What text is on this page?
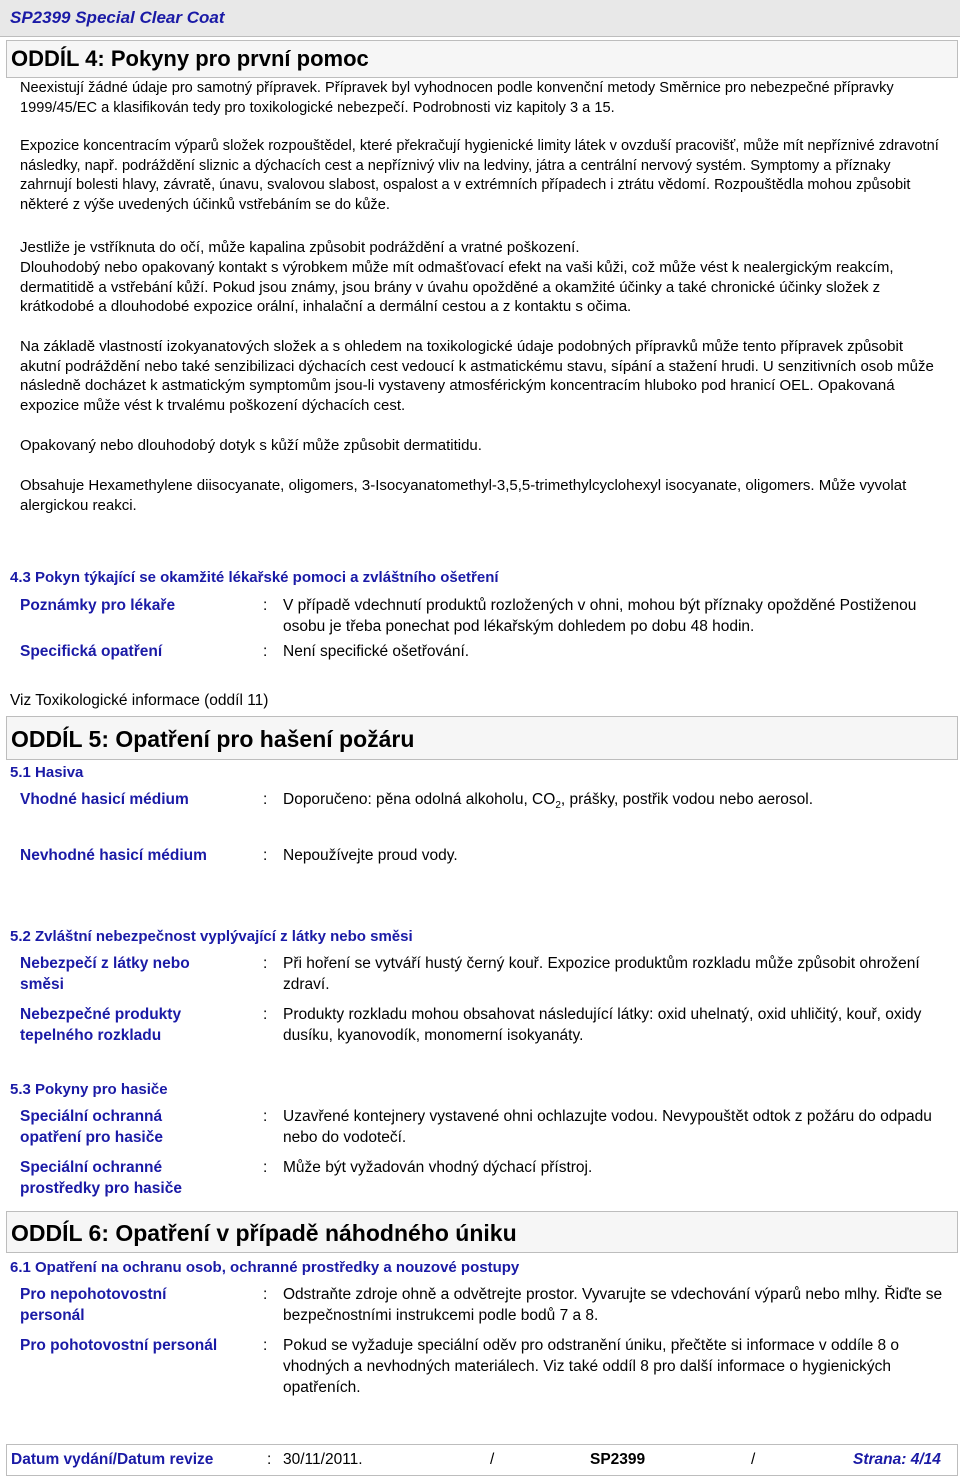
SP2399 Special Clear Coat
ODDÍL 4: Pokyny pro první pomoc

Neexistují žádné údaje pro samotný přípravek. Přípravek byl vyhodnocen podle konvenční metody Směrnice pro nebezpečné přípravky 1999/45/EC a klasifikován tedy pro toxikologické nebezpečí. Podrobnosti viz kapitoly 3 a 15.

Expozice koncentracím výparů složek rozpouštědel, které překračují hygienické limity látek v ovzduší pracovišť, může mít nepříznivé zdravotní následky, např. podráždění sliznic a dýchacích cest a nepříznivý vliv na ledviny, játra a centrální nervový systém. Symptomy a příznaky zahrnují bolesti hlavy, závratě, únavu, svalovou slabost, ospalost a v extrémních případech i ztrátu vědomí. Rozpouštědla mohou způsobit některé z výše uvedených účinků vstřebáním se do kůže.

Jestliže je vstříknuta do očí, může kapalina způsobit podráždění a vratné poškození.

Dlouhodobý nebo opakovaný kontakt s výrobkem může mít odmašťovací efekt na vaši kůži, což může vést k nealergickým reakcím, dermatitidě a vstřebání kůží. Pokud jsou známy, jsou brány v úvahu opožděné a okamžité účinky a také chronické účinky složek z krátkodobé a dlouhodobé expozice orální, inhalační a dermální cestou a z kontaktu s očima.

Na základě vlastností izokyanatových složek a s ohledem na toxikologické údaje podobných přípravků může tento přípravek způsobit akutní podráždění nebo také senzibilizaci dýchacích cest vedoucí k astmatickému stavu, sípání a stažení hrudi. U senzitivních osob může následně docházet k astmatickým symptomům jsou-li vystaveny atmosférickým koncentracím hluboko pod hranicí OEL. Opakovaná expozice může vést k trvalému poškození dýchacích cest.

Opakovaný nebo dlouhodobý dotyk s kůží může způsobit dermatitidu.

Obsahuje Hexamethylene diisocyanate, oligomers, 3-Isocyanatomethyl-3,5,5-trimethylcyclohexyl isocyanate, oligomers. Může vyvolat alergickou reakci.

4.3 Pokyn týkající se okamžité lékařské pomoci a zvláštního ošetření
Poznámky pro lékaře	: V případě vdechnutí produktů rozložených v ohni, mohou být příznaky opožděné Postiženou osobu je třeba ponechat pod lékařským dohledem po dobu 48 hodin.
Specifická opatření	: Není specifické ošetřování.
Viz Toxikologické informace (oddíl 11)
ODDÍL 5: Opatření pro hašení požáru
5.1 Hasiva
Vhodné hasicí médium	: Doporučeno: pěna odolná alkoholu, $CO_2$, prášky, postřik vodou nebo aerosol.
Nevhodné hasicí médium	: Nepoužívejte proud vody.
5.2 Zvláštní nebezpečnost vyplývající z látky nebo směsi
Nebezpečí z látky nebo směsi
: Při hoření se vytváří hustý černý kouř. Expozice produktům rozkladu může způsobit ohrožení zdraví.
Nebezpečné produkty tepelného rozkladu
: Produkty rozkladu mohou obsahovat následující látky: oxid uhelnatý, oxid uhličitý, kouř, oxidy dusíku, kyanovodík, monomerní isokyanáty.
5.3 Pokyny pro hasiče
Speciální ochranná opatření pro hasiče
: Uzavřené kontejnery vystavené ohni ochlazujte vodou. Nevypouštět odtok z požáru do odpadu nebo do vodotečí.
Speciální ochranné prostředky pro hasiče
: Může být vyžadován vhodný dýchací přístroj.
ODDÍL 6: Opatření v případě náhodného úniku
6.1 Opatření na ochranu osob, ochranné prostředky a nouzové postupy
Pro nepohotovostní personál
: Odstraňte zdroje ohně a odvětrejte prostor. Vyvarujte se vdechování výparů nebo mlhy. Řiďte se bezpečnostními instrukcemi podle bodů 7 a 8.
Pro pohotovostní personál	: Pokud se vyžaduje speciální oděv pro odstranění úniku, přečtěte si informace v oddíle 8 o vhodných a nevhodných materiálech. Viz také oddíl 8 pro další informace o hygienických opatřeních.
Datum vydání/Datum revize	: 30/11/2011.	/	SP2399	/	Strana: 4/14
